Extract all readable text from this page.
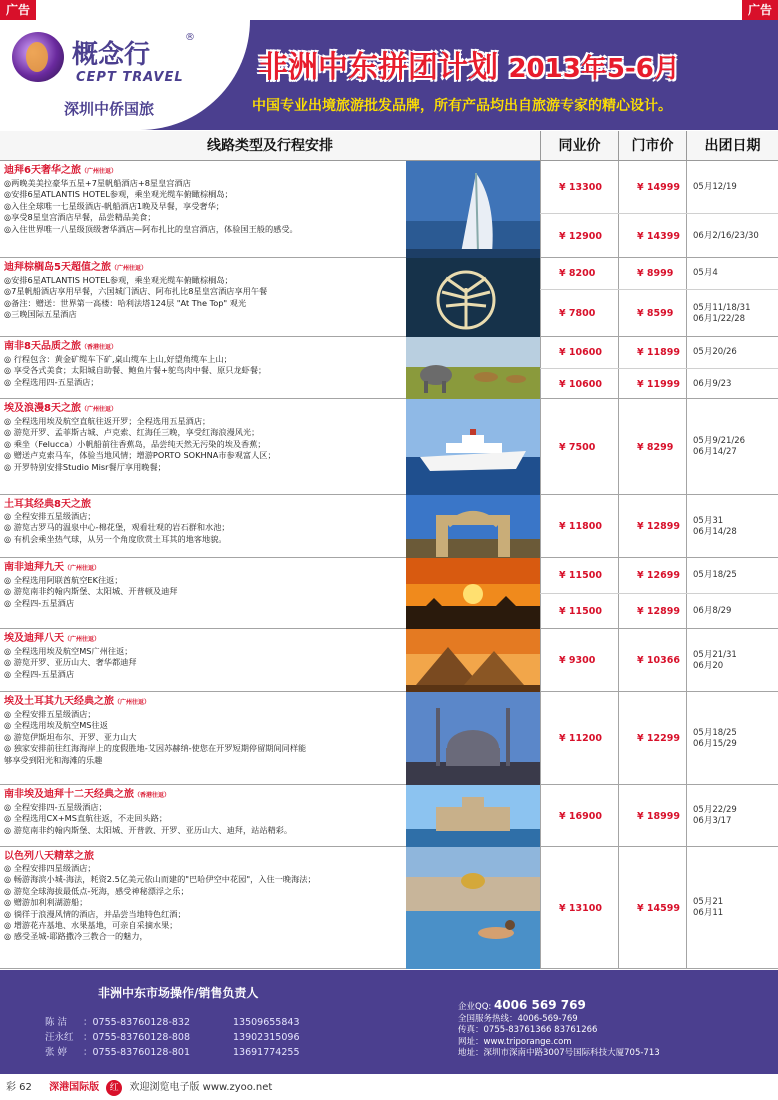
广告	广告
概念行
®
CEPT TRAVEL
深圳中侨国旅
非洲中东拼团计划 2013年5-6月
中国专业出境旅游批发品牌，所有产品均出自旅游专家的精心设计。
线路类型及行程安排	同业价	门市价	出团日期
迪拜6天奢华之旅（广州往返）
◎两晚美美拉豪华五星+7星帆船酒店+8星皇宫酒店
◎安排6星ATLANTIS HOTEL参观，乘坐观光缆车俯瞰棕榈岛；
◎入住全球唯一七星级酒店-帆船酒店1晚及早餐，享受奢华；
◎享受8星皇宫酒店早餐，品尝精品美食；
◎入住世界唯一八星级顶级奢华酒店—阿布扎比的皇宫酒店，体验国王般的感受。
¥ 13300	¥ 14999	05月12/19
¥ 12900	¥ 14399	06月2/16/23/30
迪拜棕榈岛5天超值之旅（广州往返）
◎安排6星ATLANTIS HOTEL参观，乘坐观光缆车俯瞰棕榈岛；
◎7星帆船酒店享用早餐，六国城门酒店、阿布扎比8星皇宫酒店享用午餐
◎备注：赠送：世界第一高楼：哈利法塔124层 "At The Top" 观光
◎三晚国际五星酒店
¥ 8200	¥ 8999	05月4
¥ 7800	¥ 8599
05月11/18/31
06月1/22/28
南非8天品质之旅（香港往返）
◎ 行程包含：黄金矿缆车下矿,桌山缆车上山,好望角缆车上山；
◎ 享受各式美食；太阳城自助餐、鲍鱼片餐+鸵鸟肉中餐、原只龙虾餐；
◎ 全程选用四-五星酒店；
¥ 10600	¥ 11899	05月20/26
¥ 10600	¥ 11999	06月9/23
埃及浪漫8天之旅（广州往返）
◎ 全程选用埃及航空直航往返开罗；全程选用五星酒店；
◎ 游览开罗、孟菲斯古城、卢克索、红海任三晚，享受红海浪漫风光；
◎ 乘坐（Felucca）小帆船前往香蕉岛，品尝纯天然无污染的埃及香蕉；
◎ 赠送卢克索马车，体验当地风情；增游PORTO SOKHNA市参观富人区；
◎ 开罗特别安排Studio Misr餐厅享用晚餐；
¥ 7500	¥ 8299
05月9/21/26
06月14/27
土耳其经典8天之旅
◎ 全程安排五星级酒店；
◎ 游览古罗马的温泉中心-棉花堡，观看壮观的岩石群和水池；
◎ 有机会乘坐热气球，从另一个角度欣赏土耳其的地客地貌。
¥ 11800	¥ 12899
05月31
06月14/28
南非迪拜九天（广州往返）
◎ 全程选用阿联酋航空EK往返；
◎ 游览南非约翰内斯堡、太阳城、开普顿及迪拜
◎ 全程四-五星酒店
¥ 11500	¥ 12699	05月18/25
¥ 11500	¥ 12899	06月8/29
埃及迪拜八天（广州往返）
◎ 全程选用埃及航空MS广州往返；
◎ 游览开罗、亚历山大、奢华都迪拜
◎ 全程四-五星酒店
¥ 9300	¥ 10366
05月21/31
06月20
埃及土耳其九天经典之旅（广州往返）
◎ 全程安排五星级酒店；
◎ 全程选用埃及航空MS往返
◎ 游览伊斯坦布尔、开罗、亚力山大
◎ 独家安排前往红海海岸上的度假胜地-艾因苏赫纳-使您在开罗短期停留期间同样能
够享受到阳光和海滩的乐趣
¥ 11200	¥ 12299
05月18/25
06月15/29
南非埃及迪拜十二天经典之旅（香港往返）
◎ 全程安排四-五星级酒店；
◎ 全程选用CX+MS直航往返，不走回头路；
◎ 游览南非约翰内斯堡、太阳城、开普敦、开罗、亚历山大、迪拜，站站精彩。
¥ 16900	¥ 18999
05月22/29
06月3/17
以色列八天精萃之旅
◎ 全程安排四星级酒店；
◎ 畅游海滨小城-海法，耗资2.5亿美元依山而建的"巴哈伊空中花园"，入住一晚海法；
◎ 游览全球海拔最低点-死海，感受神秘漂浮之乐；
◎ 赠游加利利湖游船；
◎ 徜徉于浪漫风情的酒店，并品尝当地特色红酒；
◎ 增游花卉基地、水果基地，可亲自采摘水果；
◎ 感受圣城-耶路撒冷三教合一的魅力，
¥ 13100	¥ 14599
05月21
06月11
非洲中东市场操作/销售负责人
陈 洁 ：0755-83760128-832	13509655843
汪永红 ：0755-83760128-808	13902315096
张 婷 ：0755-83760128-801	13691774255
企业QQ: 4006 569 769
全国服务热线：4006-569-769
传真：0755-83761366 83761266
网址：www.triporange.com
地址：深圳市深南中路3007号国际科技大厦705-713
彩 62 深港国际版 红 欢迎浏览电子版 www.zyoo.net
